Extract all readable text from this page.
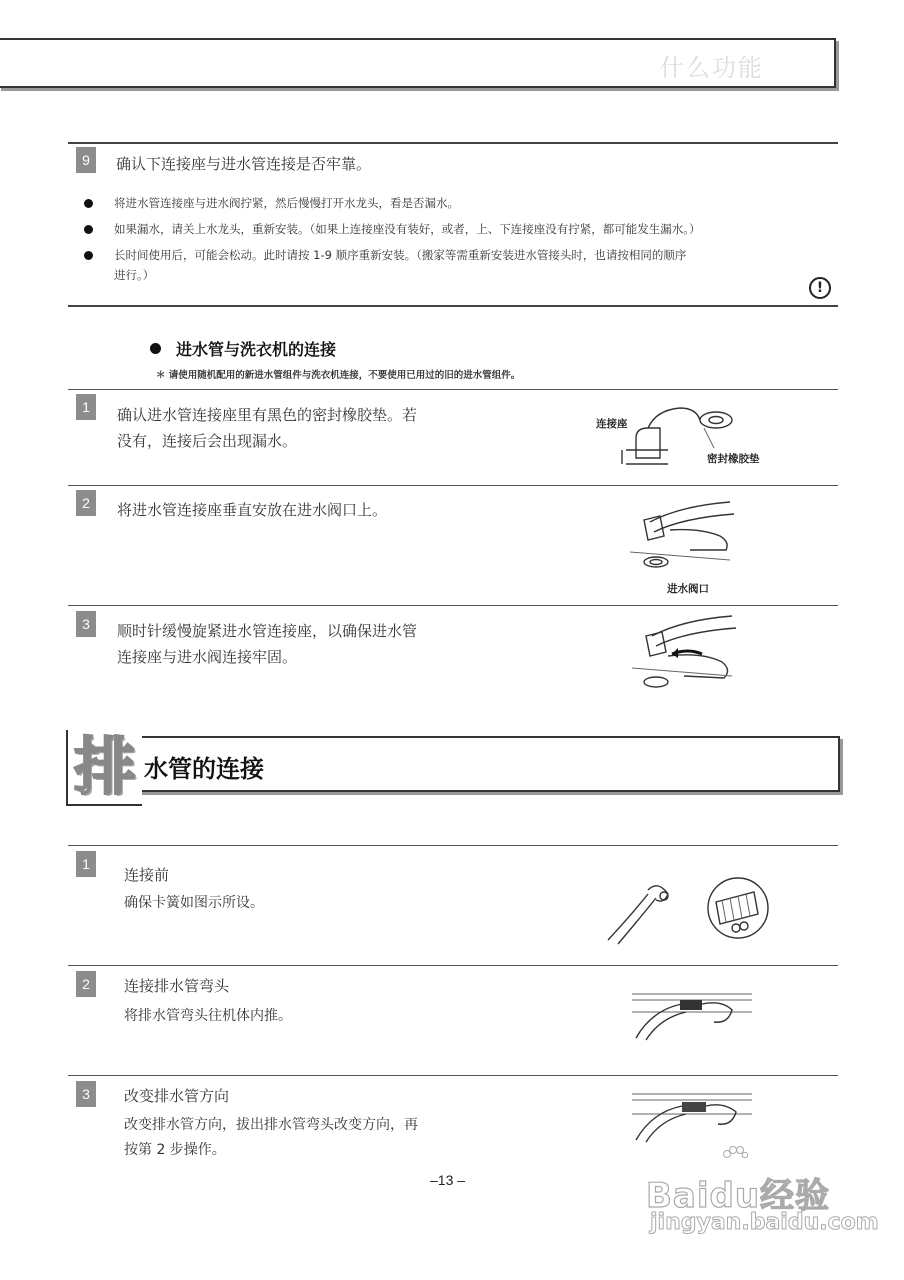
什么功能
9	确认下连接座与进水管连接是否牢靠。
将进水管连接座与进水阀拧紧，然后慢慢打开水龙头，看是否漏水。
如果漏水，请关上水龙头，重新安装。（如果上连接座没有装好，或者，上、下连接座没有拧紧，都可能发生漏水。）
长时间使用后，可能会松动。此时请按 1-9 顺序重新安装。（搬家等需重新安装进水管接头时，也请按相同的顺序
进行。）
!
进水管与洗衣机的连接
＊ 请使用随机配用的新进水管组件与洗衣机连接，不要使用已用过的旧的进水管组件。
1	确认进水管连接座里有黑色的密封橡胶垫。若
没有，连接后会出现漏水。
连接座
密封橡胶垫
2	将进水管连接座垂直安放在进水阀口上。
进水阀口
3	顺时针缓慢旋紧进水管连接座，以确保进水管
连接座与进水阀连接牢固。
排 水管的连接
1
连接前
确保卡簧如图示所设。
2	连接排水管弯头
将排水管弯头往机体内推。
3	改变排水管方向
改变排水管方向，拔出排水管弯头改变方向，再
按第 2 步操作。
–13 –	Baidu经验
jingyan.baidu.com
